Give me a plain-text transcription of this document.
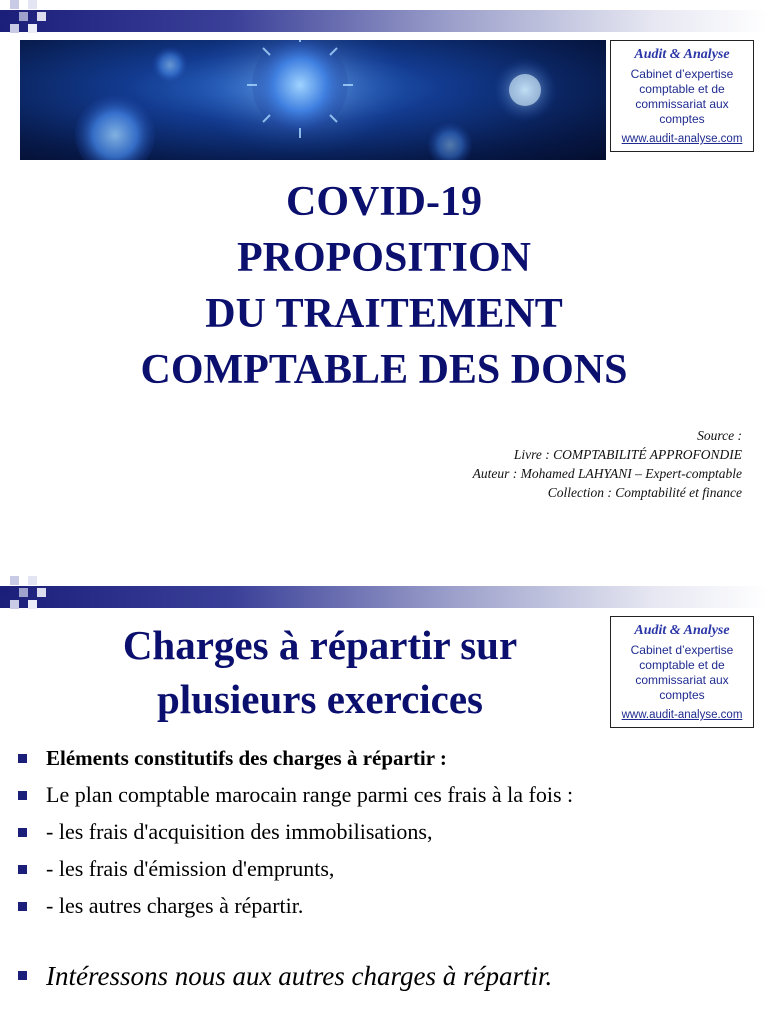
Audit & Analyse
Cabinet d’expertise
comptable et de
commissariat aux
comptes
www.audit-analyse.com
COVID-19
PROPOSITION
DU TRAITEMENT
COMPTABLE DES DONS
Source :
Livre : COMPTABILITÉ APPROFONDIE
Auteur : Mohamed LAHYANI – Expert-comptable
Collection : Comptabilité et finance
Audit & Analyse
Cabinet d’expertise
comptable et de
commissariat aux
comptes
www.audit-analyse.com
Charges à répartir sur
plusieurs exercices
Eléments constitutifs des charges à répartir :
Le plan comptable marocain range parmi ces frais à la fois :
- les frais d'acquisition des immobilisations,
- les frais d'émission d'emprunts,
- les autres charges à répartir.
Intéressons nous aux autres charges à répartir.
